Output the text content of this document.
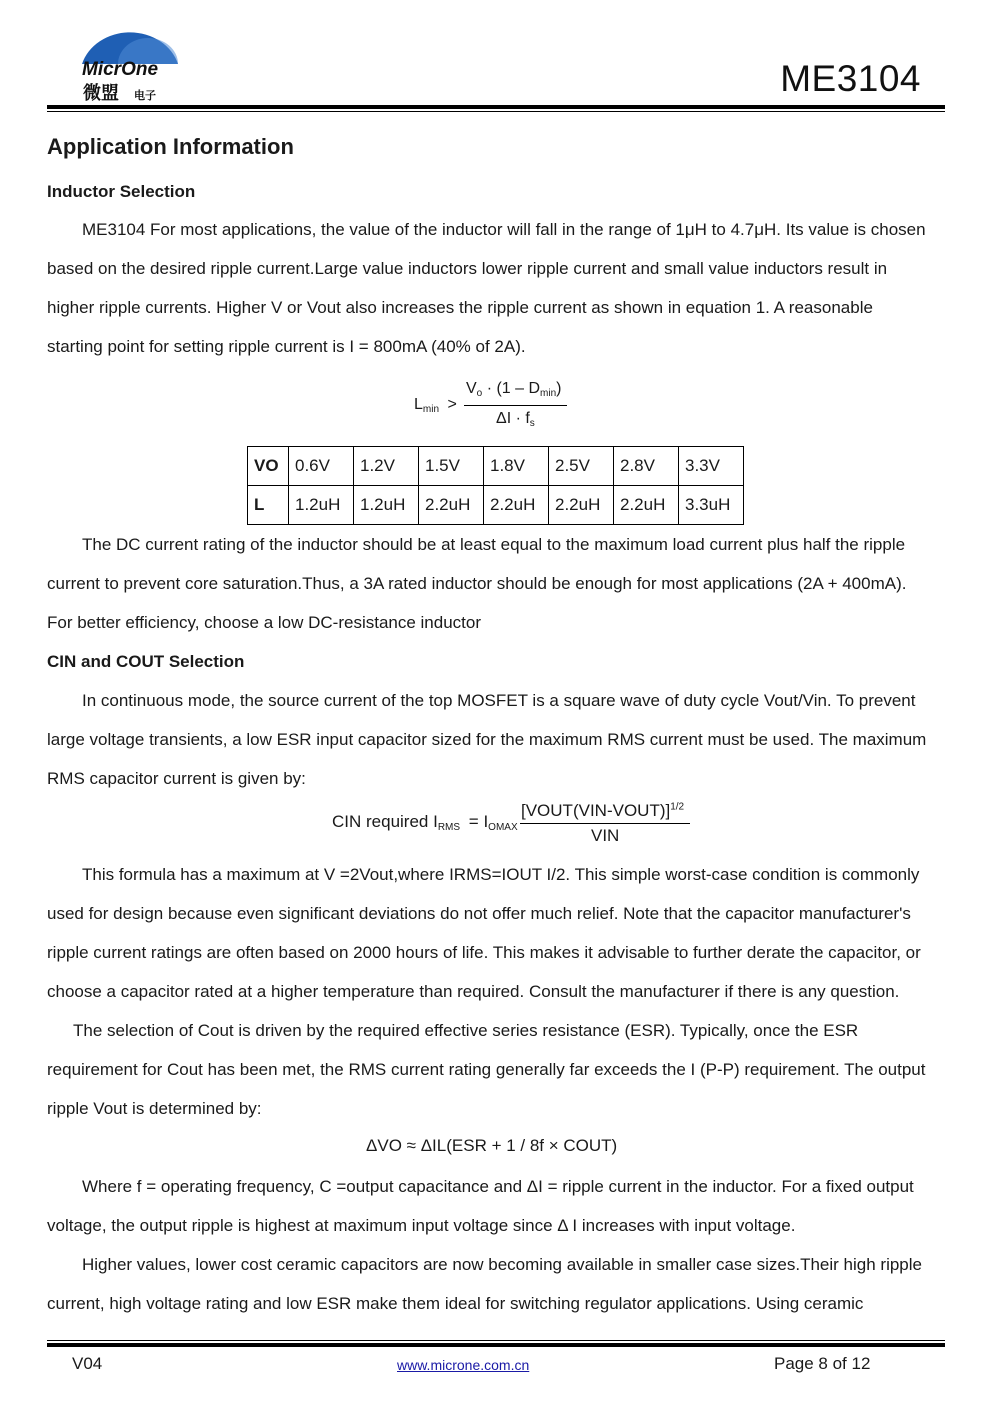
MicrOne
微盟 电子	ME3104
Application Information
Inductor Selection
ME3104 For most applications, the value of the inductor will fall in the range of 1μH to 4.7μH. Its value is chosen
based on the desired ripple current.Large value inductors lower ripple current and small value inductors result in
higher ripple currents. Higher V or Vout also increases the ripple current as shown in equation 1. A reasonable
starting point for setting ripple current is I = 800mA (40% of 2A).
$L_{min}$ >
$V_o \cdot (1 - D_{min})$
$\Delta I \cdot f_s$
VO	0.6V	1.2V	1.5V	1.8V	2.5V	2.8V	3.3V
L	1.2uH	1.2uH	2.2uH	2.2uH	2.2uH	2.2uH	3.3uH
The DC current rating of the inductor should be at least equal to the maximum load current plus half the ripple
current to prevent core saturation.Thus, a 3A rated inductor should be enough for most applications (2A + 400mA).
For better efficiency, choose a low DC-resistance inductor
CIN and COUT Selection
In continuous mode, the source current of the top MOSFET is a square wave of duty cycle Vout/Vin. To prevent
large voltage transients, a low ESR input capacitor sized for the maximum RMS current must be used. The maximum
RMS capacitor current is given by:
CIN required $I_{RMS} = I_{OMAX}$
[VOUT(VIN-VOUT)]$^{1/2}$
VIN
This formula has a maximum at V =2Vout,where IRMS=IOUT I/2. This simple worst-case condition is commonly
used for design because even significant deviations do not offer much relief. Note that the capacitor manufacturer's
ripple current ratings are often based on 2000 hours of life. This makes it advisable to further derate the capacitor, or
choose a capacitor rated at a higher temperature than required. Consult the manufacturer if there is any question.
The selection of Cout is driven by the required effective series resistance (ESR). Typically, once the ESR
requirement for Cout has been met, the RMS current rating generally far exceeds the I (P-P) requirement. The output
ripple Vout is determined by:
ΔVO ≈ ΔIL(ESR + 1 / 8f × COUT)
Where f = operating frequency, C =output capacitance and ΔI = ripple current in the inductor. For a fixed output
voltage, the output ripple is highest at maximum input voltage since Δ I increases with input voltage.
Higher values, lower cost ceramic capacitors are now becoming available in smaller case sizes.Their high ripple
current, high voltage rating and low ESR make them ideal for switching regulator applications. Using ceramic
V04	www.microne.com.cn	Page 8 of 12
